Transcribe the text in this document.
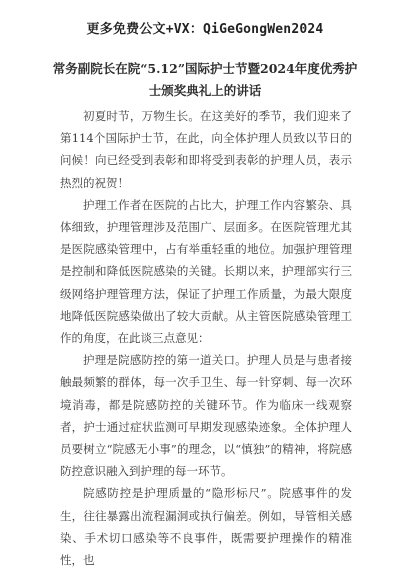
更多免费公文+VX：QiGeGongWen2024
常务副院长在院“5.12”国际护士节暨2024年度优秀护士颁奖典礼上的讲话

初夏时节，万物生长。在这美好的季节，我们迎来了第114个国际护士节，在此，向全体护理人员致以节日的问候！向已经受到表彰和即将受到表彰的护理人员，表示热烈的祝贺！

护理工作者在医院的占比大，护理工作内容繁杂、具体细致，护理管理涉及范围广、层面多。在医院管理尤其是医院感染管理中，占有举重轻重的地位。加强护理管理是控制和降低医院感染的关键。长期以来，护理部实行三级网络护理管理方法，保证了护理工作质量，为最大限度地降低医院感染做出了较大贡献。从主管医院感染管理工作的角度，在此谈三点意见：

护理是院感防控的第一道关口。护理人员是与患者接触最频繁的群体，每一次手卫生、每一针穿刺、每一次环境消毒，都是院感防控的关键环节。作为临床一线观察者，护士通过症状监测可早期发现感染迹象。全体护理人员要树立“院感无小事”的理念，以“慎独”的精神，将院感防控意识融入到护理的每一环节。

院感防控是护理质量的“隐形标尺”。院感事件的发生，往往暴露出流程漏洞或执行偏差。例如，导管相关感染、手术切口感染等不良事件，既需要护理操作的精准性，也
